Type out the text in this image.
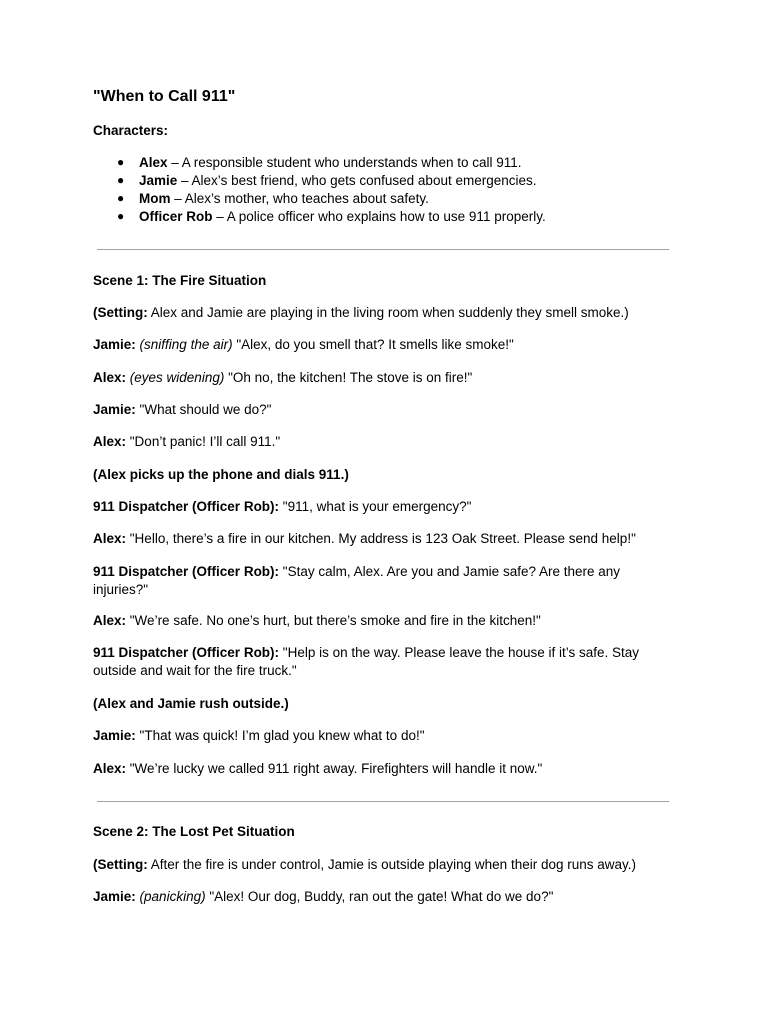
"When to Call 911"
Characters:
● Alex – A responsible student who understands when to call 911.
● Jamie – Alex’s best friend, who gets confused about emergencies.
● Mom – Alex’s mother, who teaches about safety.
● Officer Rob – A police officer who explains how to use 911 properly.
Scene 1: The Fire Situation
(Setting: Alex and Jamie are playing in the living room when suddenly they smell smoke.)
Jamie: (sniffing the air) "Alex, do you smell that? It smells like smoke!"
Alex: (eyes widening) "Oh no, the kitchen! The stove is on fire!"
Jamie: "What should we do?"
Alex: "Don’t panic! I’ll call 911."
(Alex picks up the phone and dials 911.)
911 Dispatcher (Officer Rob): "911, what is your emergency?"
Alex: "Hello, there’s a fire in our kitchen. My address is 123 Oak Street. Please send help!"
911 Dispatcher (Officer Rob): "Stay calm, Alex. Are you and Jamie safe? Are there any injuries?"
Alex: "We’re safe. No one’s hurt, but there’s smoke and fire in the kitchen!"
911 Dispatcher (Officer Rob): "Help is on the way. Please leave the house if it’s safe. Stay outside and wait for the fire truck."
(Alex and Jamie rush outside.)
Jamie: "That was quick! I’m glad you knew what to do!"
Alex: "We’re lucky we called 911 right away. Firefighters will handle it now."
Scene 2: The Lost Pet Situation
(Setting: After the fire is under control, Jamie is outside playing when their dog runs away.)
Jamie: (panicking) "Alex! Our dog, Buddy, ran out the gate! What do we do?"
